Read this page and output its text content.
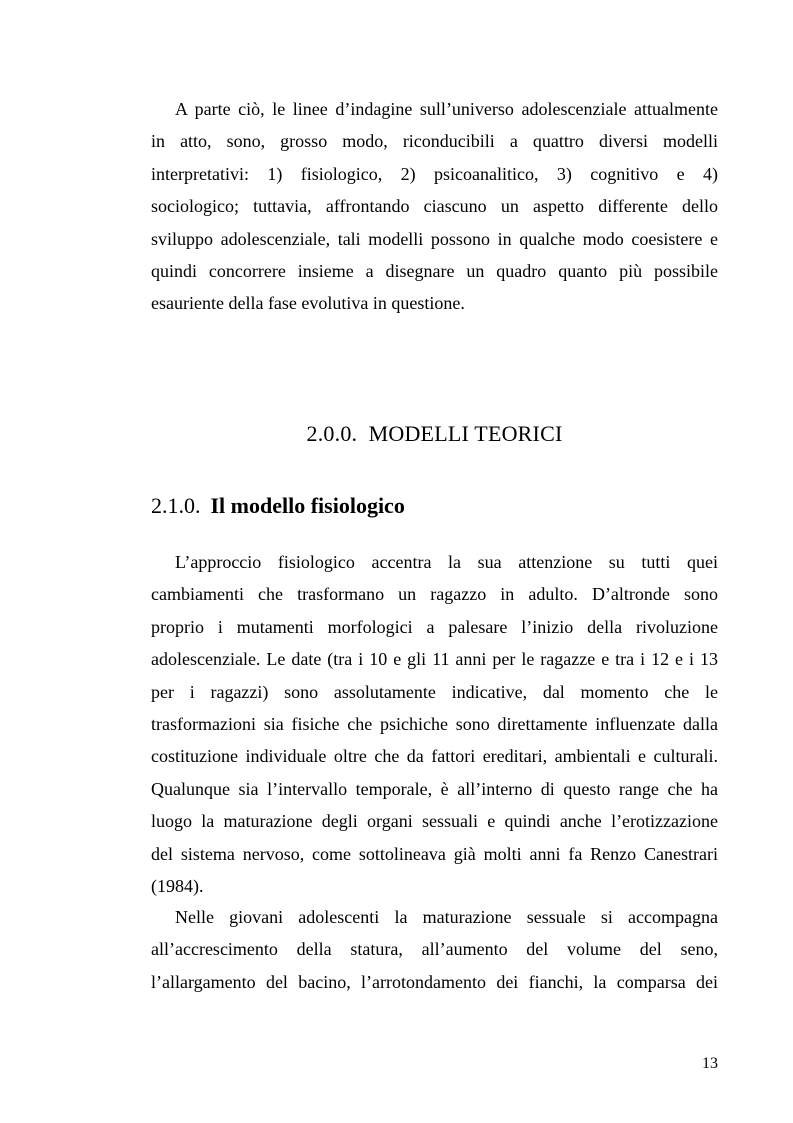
A parte ciò, le linee d’indagine sull’universo adolescenziale attualmente
in atto, sono, grosso modo, riconducibili a quattro diversi modelli
interpretativi: 1) fisiologico, 2) psicoanalitico, 3) cognitivo e 4)
sociologico; tuttavia, affrontando ciascuno un aspetto differente dello
sviluppo adolescenziale, tali modelli possono in qualche modo coesistere e
quindi concorrere insieme a disegnare un quadro quanto più possibile
esauriente della fase evolutiva in questione.
2.0.0. MODELLI TEORICI
2.1.0. Il modello fisiologico
L’approccio fisiologico accentra la sua attenzione su tutti quei
cambiamenti che trasformano un ragazzo in adulto. D’altronde sono
proprio i mutamenti morfologici a palesare l’inizio della rivoluzione
adolescenziale. Le date (tra i 10 e gli 11 anni per le ragazze e tra i 12 e i 13
per i ragazzi) sono assolutamente indicative, dal momento che le
trasformazioni sia fisiche che psichiche sono direttamente influenzate dalla
costituzione individuale oltre che da fattori ereditari, ambientali e culturali.
Qualunque sia l’intervallo temporale, è all’interno di questo range che ha
luogo la maturazione degli organi sessuali e quindi anche l’erotizzazione
del sistema nervoso, come sottolineava già molti anni fa Renzo Canestrari
(1984).
Nelle giovani adolescenti la maturazione sessuale si accompagna
all’accrescimento della statura, all’aumento del volume del seno,
l’allargamento del bacino, l’arrotondamento dei fianchi, la comparsa dei
13
